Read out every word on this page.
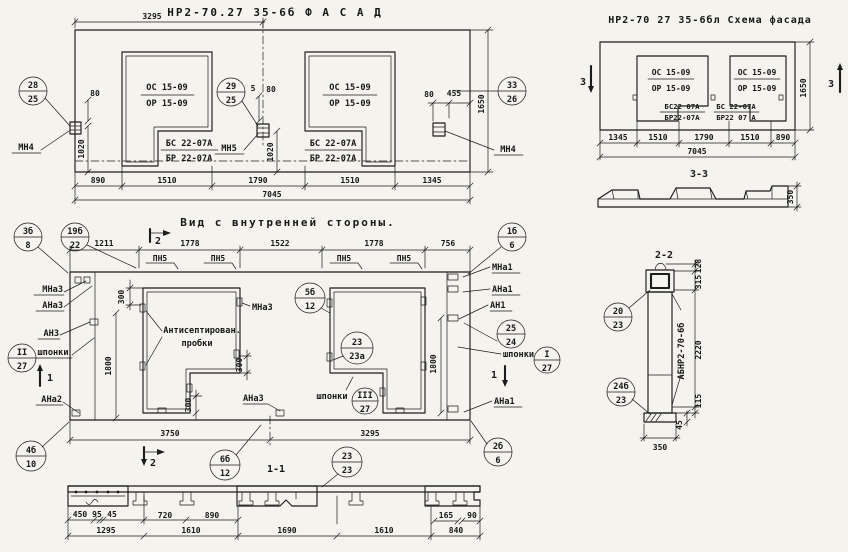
НР2-70.27 35-6б Ф А С А Д
3295
ОС 15-09
ОР 15-09
БС 22-07А
БР 22-07А
ОС 15-09
ОР 15-09
БС 22-07А
БР 22-07А
28
25
29
25
33
26
МН4	МН5	МН4
80
1020
5 80
1020
80 455
1650
890	1510	1790	1510	1345
7045
НР2-70 27 35-6бл Схема фасада
ОС 15-09
ОР 15-09
БС22 07А
БР22-07А
ОС 15-09
ОР 15-09
БС 22-07А
БР22 07 А
3	3
1650
1345	1510	1790	1510 890
7045
3-3
350
Вид с внутренней стороны.
1211	1778	1522	1778	756
ПН5	ПН5	ПН5	ПН5
2
2
Антисептирован.
пробки
МНа3
АНа3
МНа3
АНа3
АН3
II
27
шпонки
1
АНа2
1б
6
МНа1
АНа1
АН1
25
24
шпонки I
27
1
АНа1
3б
8
19б
22
5б
12
23
23а
шпонки III
27
300
300
300
1800	1800
3750	3295
4б
10
2б
6
1-1
6б
12
23
23
450 95 45	720	890	165 90
1295	1610	1690	1610	840
2-2
20
23
24б
23
АБНР2-70-6б
128
315
2220
115
45
350
